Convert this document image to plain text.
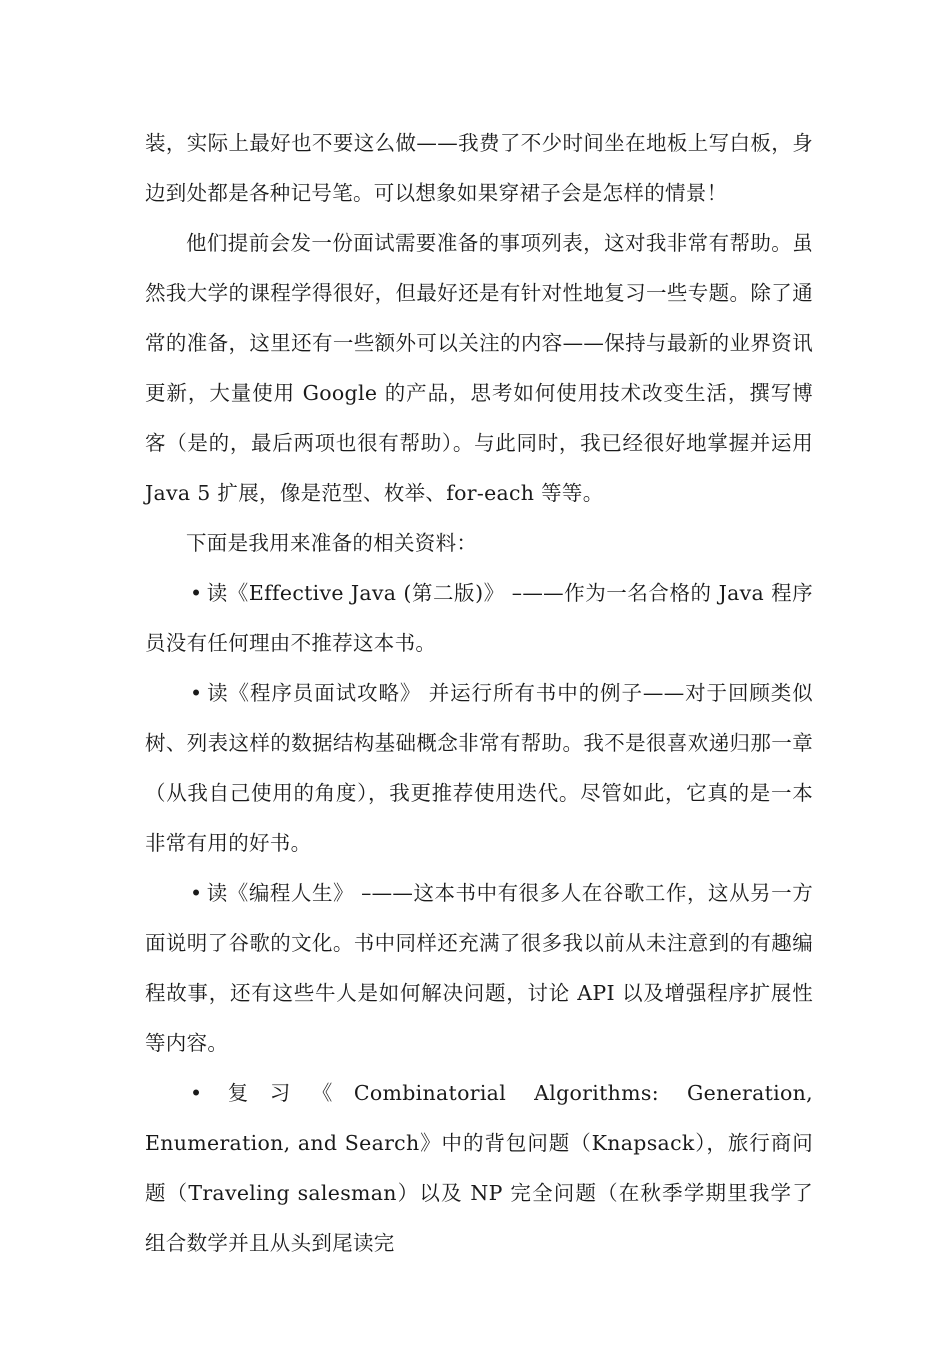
装，实际上最好也不要这么做——我费了不少时间坐在地板上写白板，身边到处都是各种记号笔。可以想象如果穿裙子会是怎样的情景！

他们提前会发一份面试需要准备的事项列表，这对我非常有帮助。虽然我大学的课程学得很好，但最好还是有针对性地复习一些专题。除了通常的准备，这里还有一些额外可以关注的内容——保持与最新的业界资讯更新，大量使用 Google 的产品，思考如何使用技术改变生活，撰写博客（是的，最后两项也很有帮助）。与此同时，我已经很好地掌握并运用 Java 5 扩展，像是范型、枚举、for-each 等等。

下面是我用来准备的相关资料：

• 读《Effective Java (第二版)》 –——作为一名合格的 Java 程序员没有任何理由不推荐这本书。

• 读《程序员面试攻略》 并运行所有书中的例子——对于回顾类似树、列表这样的数据结构基础概念非常有帮助。我不是很喜欢递归那一章（从我自己使用的角度），我更推荐使用迭代。尽管如此，它真的是一本非常有用的好书。

• 读《编程人生》 –——这本书中有很多人在谷歌工作，这从另一方面说明了谷歌的文化。书中同样还充满了很多我以前从未注意到的有趣编程故事，还有这些牛人是如何解决问题，讨论 API 以及增强程序扩展性等内容。

• 复习《Combinatorial Algorithms: Generation, Enumeration, and Search》中的背包问题（Knapsack），旅行商问题（Traveling salesman）以及 NP 完全问题（在秋季学期里我学了组合数学并且从头到尾读完
